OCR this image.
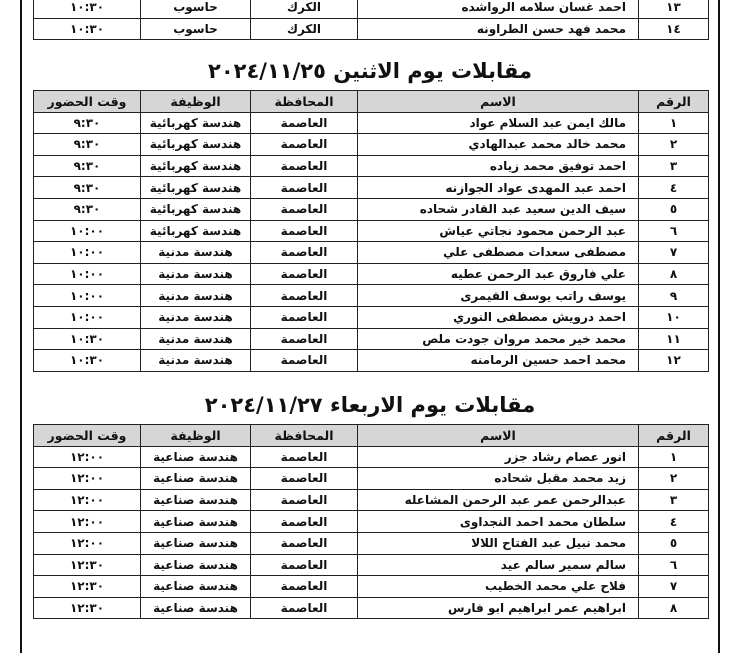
١٣	احمد غسان سلامه الرواشده	الكرك	حاسوب	١٠:٣٠
١٤	محمد فهد حسن الطراونه	الكرك	حاسوب	١٠:٣٠
مقابلات يوم الاثنين ٢٠٢٤/١١/٢٥
الرقم	الاسم	المحافظة	الوظيفة	وقت الحضور
١	مالك ايمن عبد السلام عواد	العاصمة	هندسة كهربائية	٩:٣٠
٢	محمد خالد محمد عبدالهادي	العاصمة	هندسة كهربائية	٩:٣٠
٣	احمد توفيق محمد زياده	العاصمة	هندسة كهربائية	٩:٣٠
٤	احمد عبد المهدى عواد الجوازنه	العاصمة	هندسة كهربائية	٩:٣٠
٥	سيف الدين سعيد عبد القادر شحاده	العاصمة	هندسة كهربائية	٩:٣٠
٦	عبد الرحمن محمود نجاتي عياش	العاصمة	هندسة كهربائية	١٠:٠٠
٧	مصطفى سعدات مصطفى علي	العاصمة	هندسة مدنية	١٠:٠٠
٨	علي فاروق عبد الرحمن عطيه	العاصمة	هندسة مدنية	١٠:٠٠
٩	يوسف راتب يوسف القيمرى	العاصمة	هندسة مدنية	١٠:٠٠
١٠	احمد درويش مصطفى النوري	العاصمة	هندسة مدنية	١٠:٠٠
١١	محمد خير محمد مروان جودت ملص	العاصمة	هندسة مدنية	١٠:٣٠
١٢	محمد احمد حسين الرمامنه	العاصمة	هندسة مدنية	١٠:٣٠
مقابلات يوم الاربعاء ٢٠٢٤/١١/٢٧
الرقم	الاسم	المحافظة	الوظيفة	وقت الحضور
١	انور عصام رشاد جزر	العاصمة	هندسة صناعية	١٢:٠٠
٢	زيد محمد مقبل شحاده	العاصمة	هندسة صناعية	١٢:٠٠
٣	عبدالرحمن عمر عبد الرحمن المشاعله	العاصمة	هندسة صناعية	١٢:٠٠
٤	سلطان محمد احمد النجداوى	العاصمة	هندسة صناعية	١٢:٠٠
٥	محمد نبيل عبد الفتاح اللالا	العاصمة	هندسة صناعية	١٢:٠٠
٦	سالم سمير سالم عيد	العاصمة	هندسة صناعية	١٢:٣٠
٧	فلاح علي محمد الخطيب	العاصمة	هندسة صناعية	١٢:٣٠
٨	ابراهيم عمر ابراهيم ابو فارس	العاصمة	هندسة صناعية	١٢:٣٠
